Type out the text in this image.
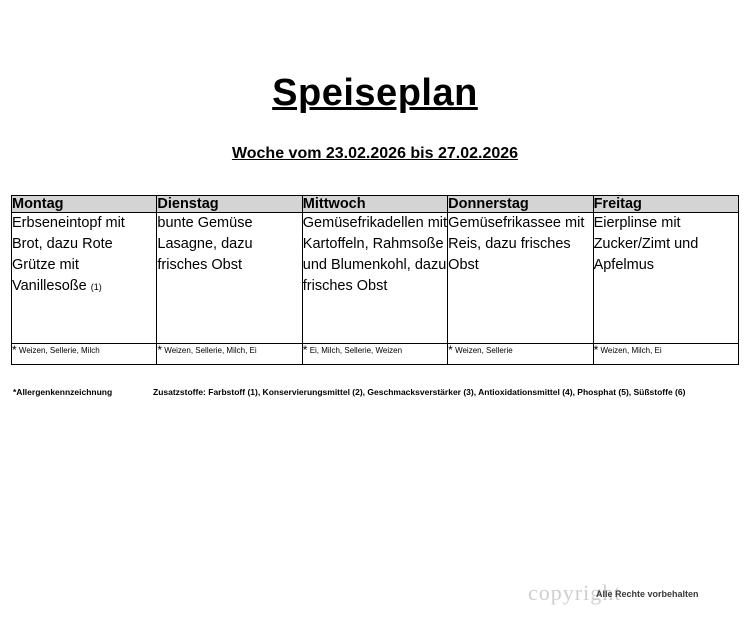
Speiseplan
Woche vom 23.02.2026 bis 27.02.2026
Montag	Dienstag	Mittwoch	Donnerstag	Freitag
Erbseneintopf mit Brot, dazu Rote Grütze mit Vanillesoße (1)	bunte Gemüse Lasagne, dazu frisches Obst	Gemüsefrikadellen mit Kartoffeln, Rahmsoße und Blumenkohl, dazu frisches Obst	Gemüsefrikassee mit Reis, dazu frisches Obst	Eierplinse mit Zucker/Zimt und Apfelmus
* Weizen, Sellerie, Milch	* Weizen, Sellerie, Milch, Ei	* Ei, Milch, Sellerie, Weizen	* Weizen, Sellerie	* Weizen, Milch, Ei
*Allergenkennzeichnung	Zusatzstoffe: Farbstoff (1), Konservierungsmittel (2), Geschmacksverstärker (3), Antioxidationsmittel (4), Phosphat (5), Süßstoffe (6)
copyright
Alle Rechte vorbehalten
